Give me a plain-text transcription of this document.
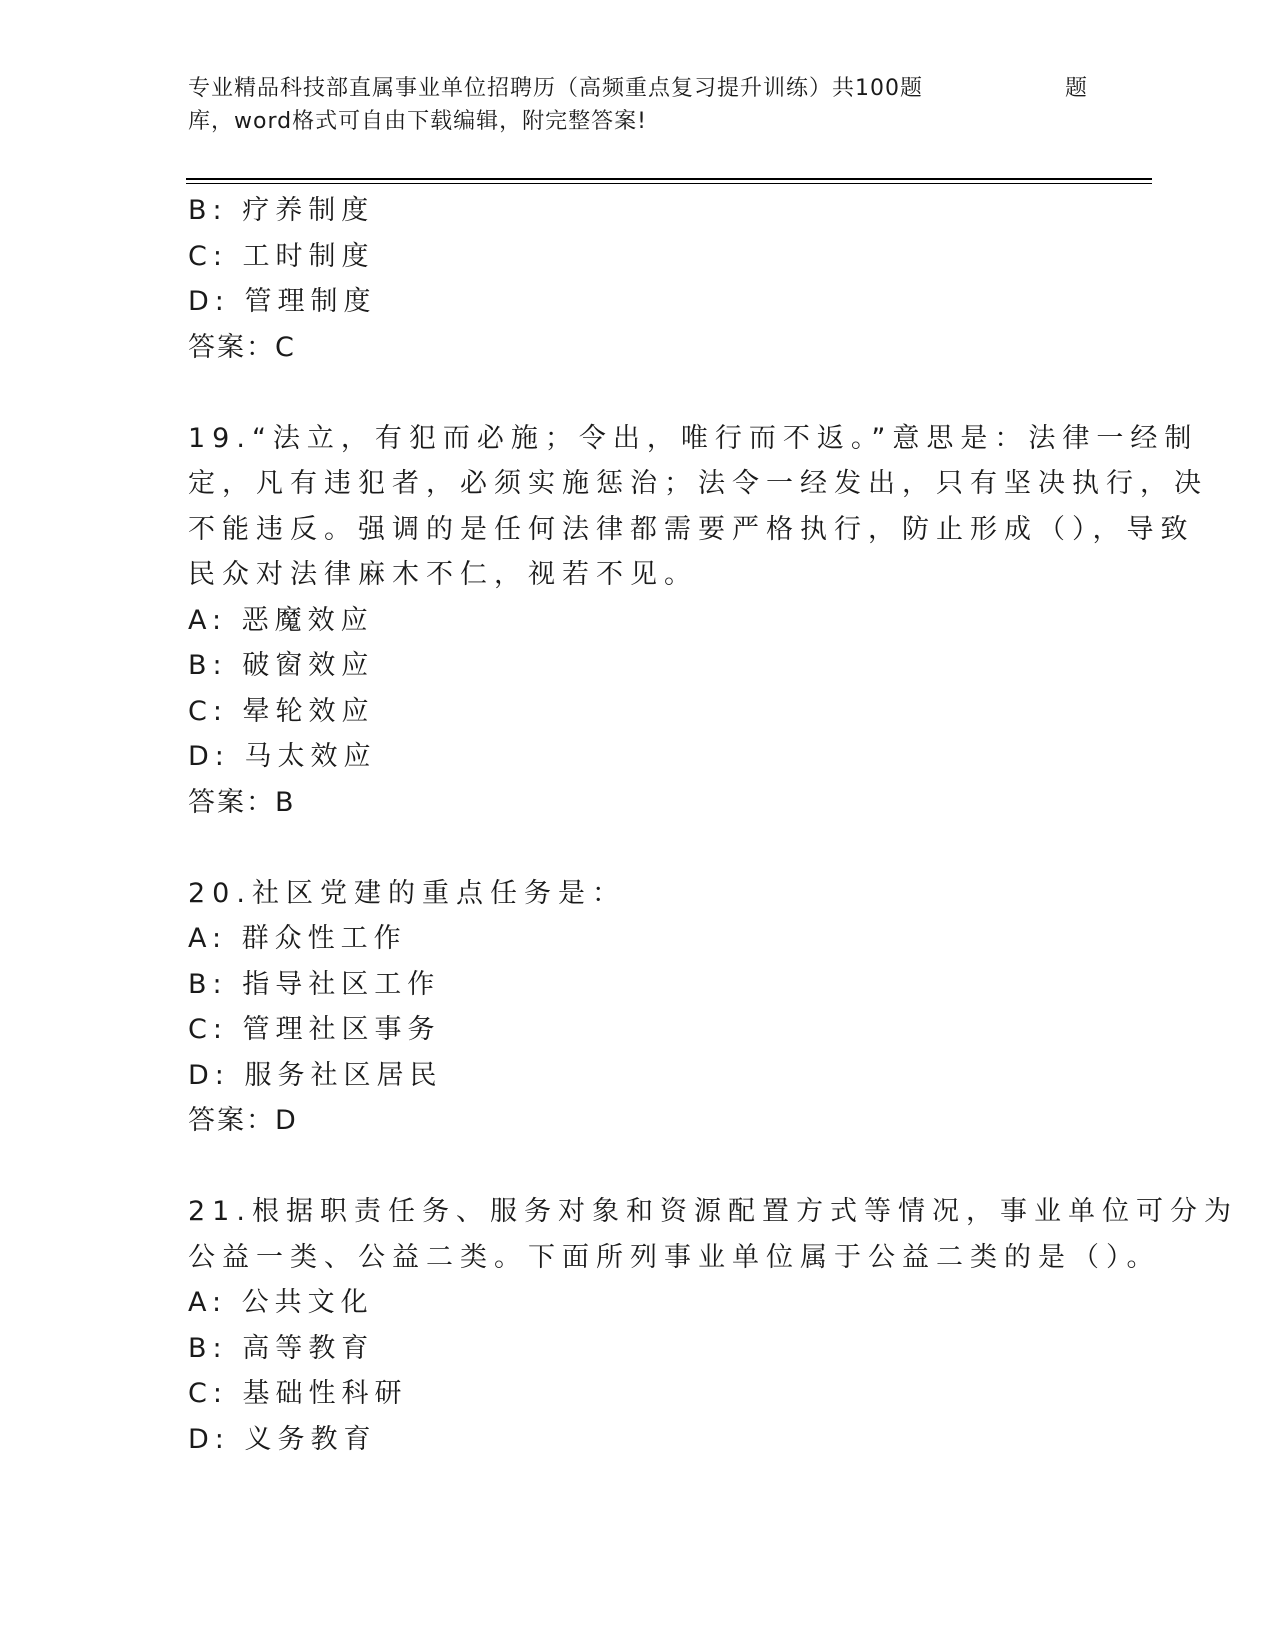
专业精品科技部直属事业单位招聘历（高频重点复习提升训练）共100题	题
库，word格式可自由下载编辑，附完整答案!
B: 疗养制度
C: 工时制度
D: 管理制度
答案：C
19.“法立，有犯而必施；令出，唯行而不返。”意思是：法律一经制
定，凡有违犯者，必须实施惩治；法令一经发出，只有坚决执行，决
不能违反。强调的是任何法律都需要严格执行，防止形成（），导致
民众对法律麻木不仁，视若不见。
A: 恶魔效应
B: 破窗效应
C: 晕轮效应
D: 马太效应
答案：B
20.社区党建的重点任务是：
A: 群众性工作
B: 指导社区工作
C: 管理社区事务
D: 服务社区居民
答案：D
21.根据职责任务、服务对象和资源配置方式等情况，事业单位可分为
公益一类、公益二类。下面所列事业单位属于公益二类的是（）。
A: 公共文化
B: 高等教育
C: 基础性科研
D: 义务教育
